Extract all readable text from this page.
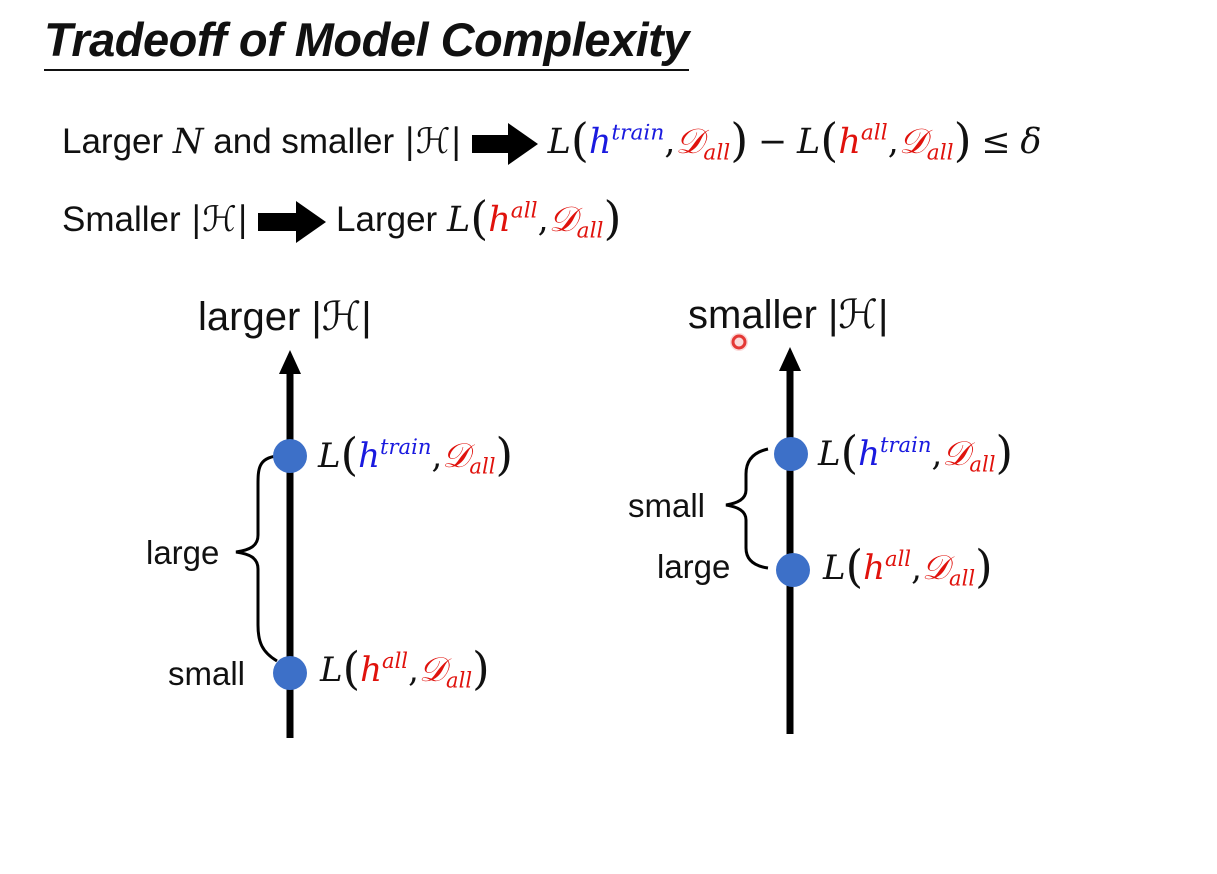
Tradeoff of Model Complexity
Larger N and smaller |ℋ| $L(h^{train},𝒟_{all})$ − $L(h^{all},𝒟_{all}) \le \delta$
Smaller |ℋ| Larger $L(h^{all},𝒟_{all})$
larger |ℋ|
large
small
$L(h^{train},𝒟_{all})$
$L(h^{all},𝒟_{all})$
smaller |ℋ|
small
large
$L(h^{train},𝒟_{all})$
$L(h^{all},𝒟_{all})$
